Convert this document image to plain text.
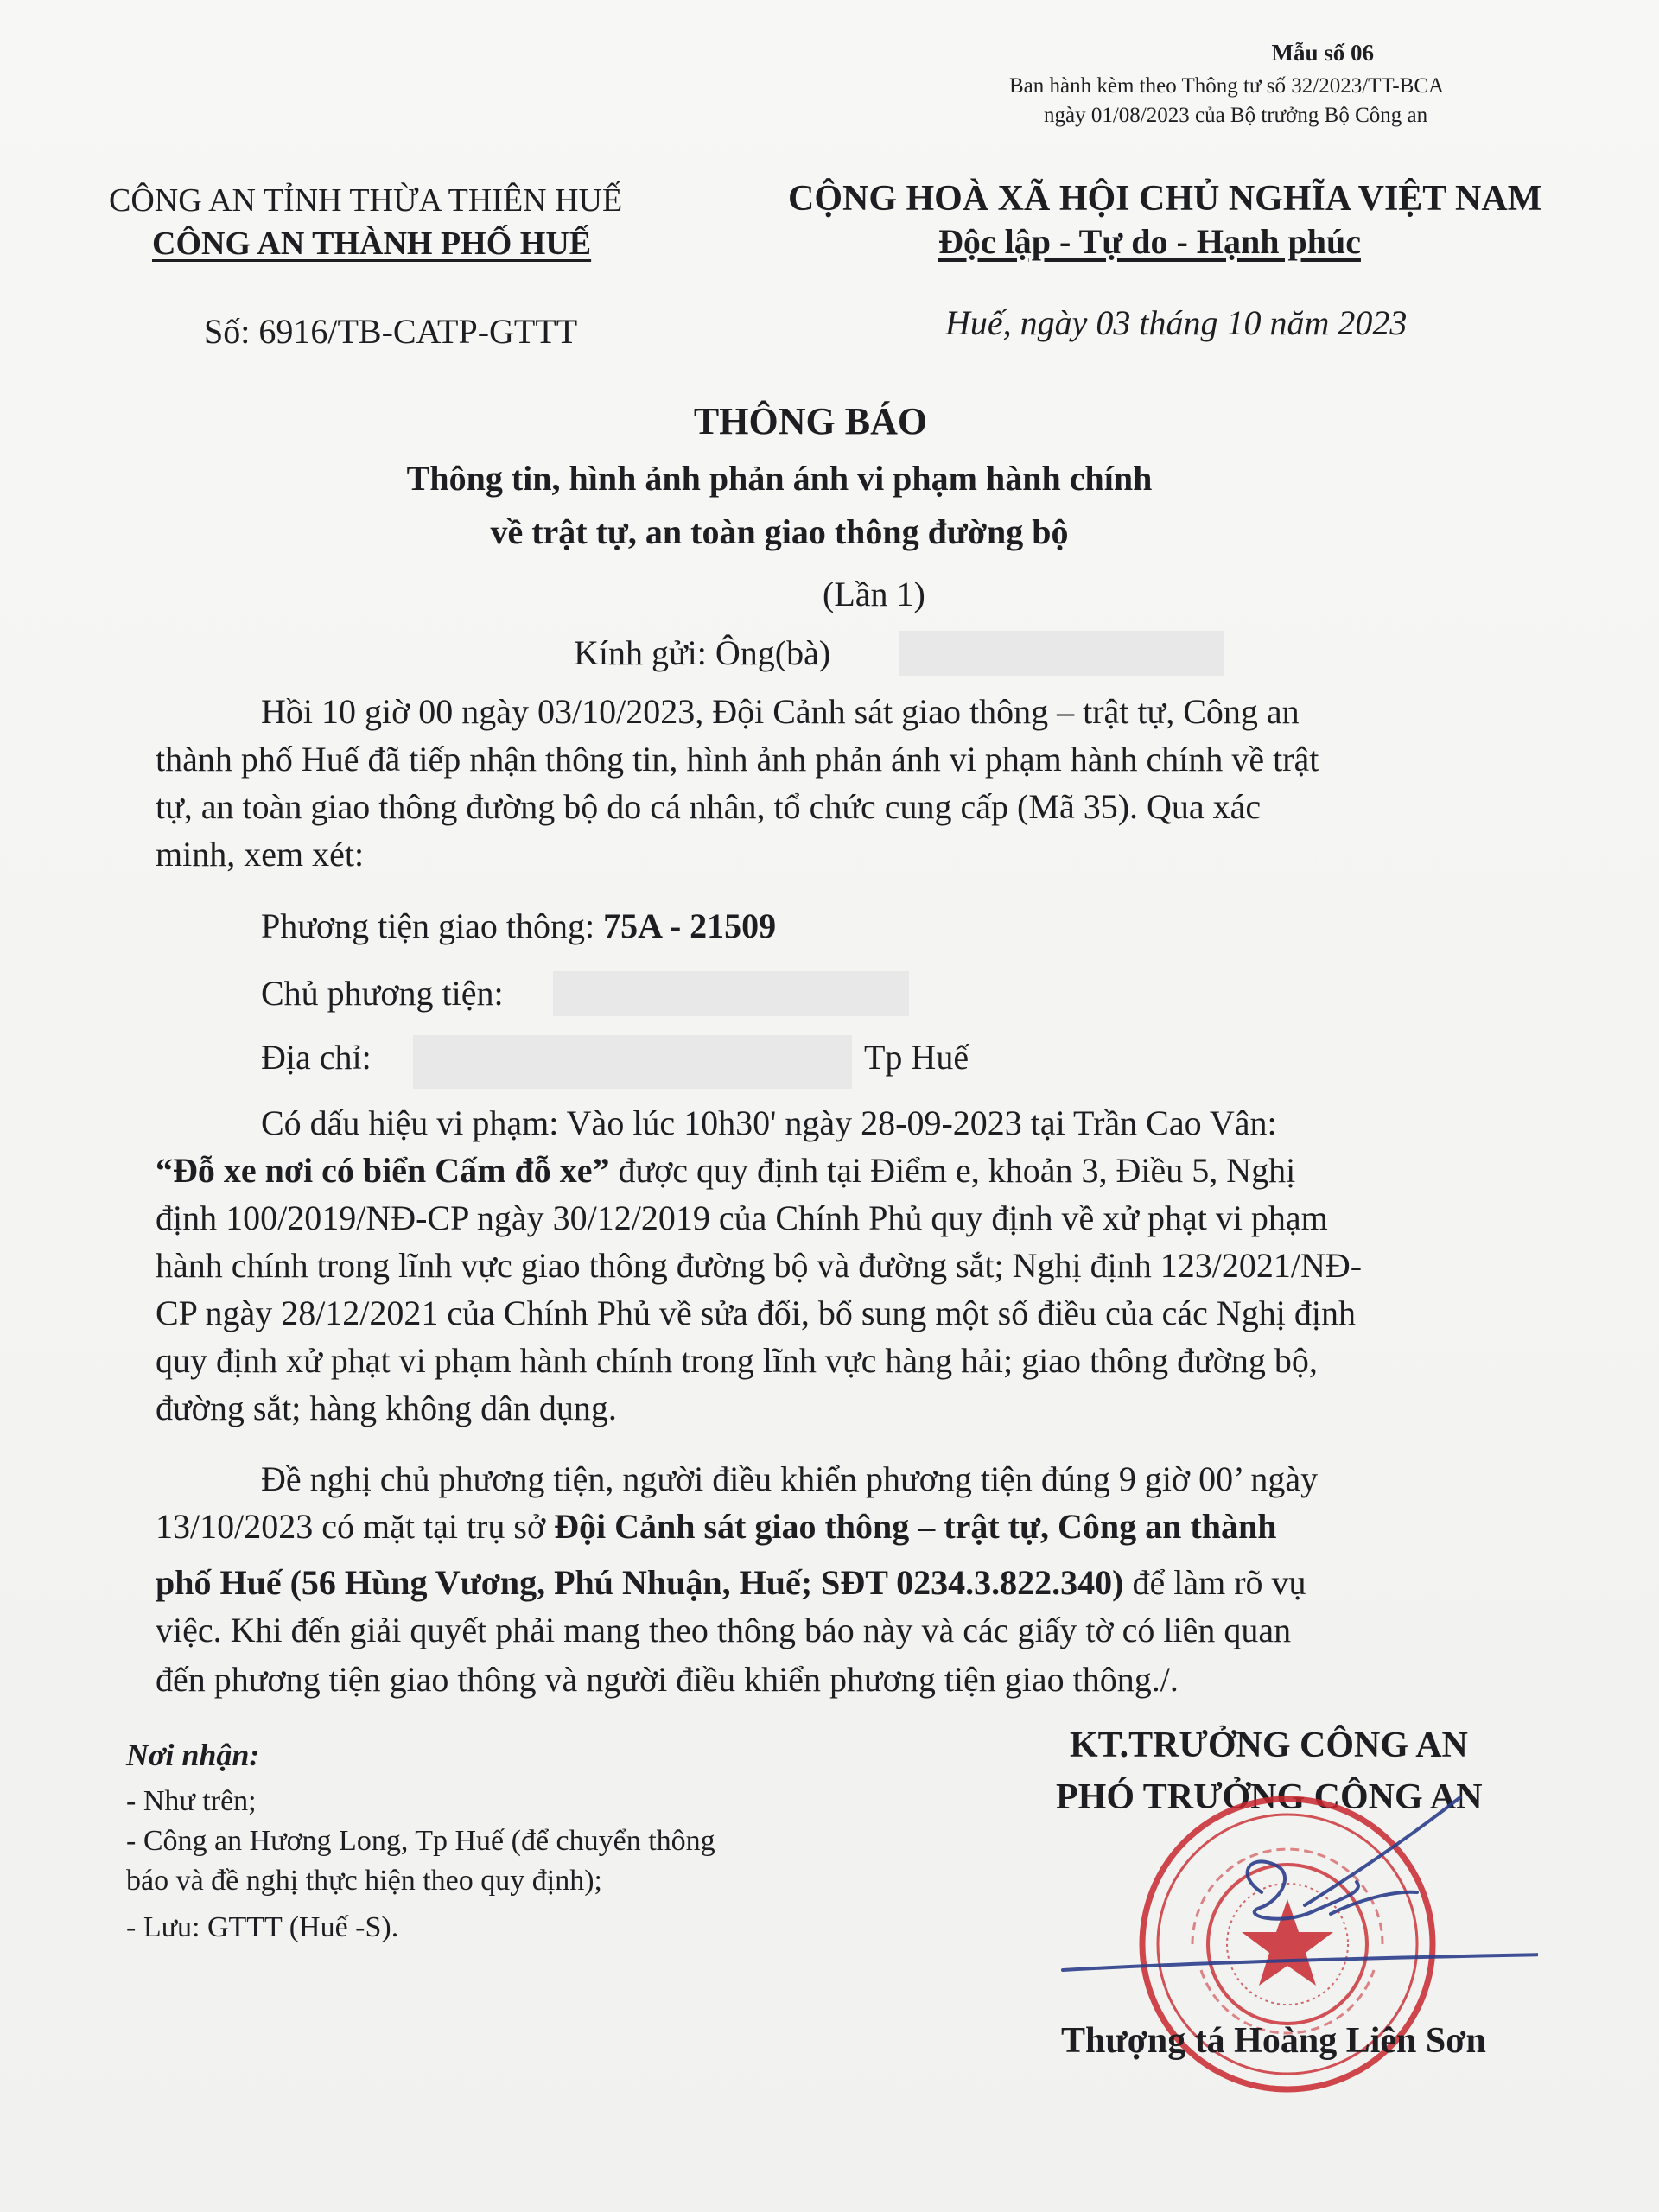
Mẫu số 06
Ban hành kèm theo Thông tư số 32/2023/TT-BCA
ngày 01/08/2023 của Bộ trưởng Bộ Công an
CÔNG AN TỈNH THỪA THIÊN HUẾ
CÔNG AN THÀNH PHỐ HUẾ
Số: 6916/TB-CATP-GTTT
CỘNG HOÀ XÃ HỘI CHỦ NGHĨA VIỆT NAM
Độc lập - Tự do - Hạnh phúc
Huế, ngày 03 tháng 10 năm 2023
THÔNG BÁO
Thông tin, hình ảnh phản ánh vi phạm hành chính
về trật tự, an toàn giao thông đường bộ
(Lần 1)
Kính gửi: Ông(bà)
Hồi 10 giờ 00 ngày 03/10/2023, Đội Cảnh sát giao thông – trật tự, Công an
thành phố Huế đã tiếp nhận thông tin, hình ảnh phản ánh vi phạm hành chính về trật
tự, an toàn giao thông đường bộ do cá nhân, tổ chức cung cấp (Mã 35). Qua xác
minh, xem xét:
Phương tiện giao thông: 75A - 21509
Chủ phương tiện:
Địa chỉ:	Tp Huế
Có dấu hiệu vi phạm: Vào lúc 10h30' ngày 28-09-2023 tại Trần Cao Vân:
“Đỗ xe nơi có biển Cấm đỗ xe” được quy định tại Điểm e, khoản 3, Điều 5, Nghị
định 100/2019/NĐ-CP ngày 30/12/2019 của Chính Phủ quy định về xử phạt vi phạm
hành chính trong lĩnh vực giao thông đường bộ và đường sắt; Nghị định 123/2021/NĐ-
CP ngày 28/12/2021 của Chính Phủ về sửa đổi, bổ sung một số điều của các Nghị định
quy định xử phạt vi phạm hành chính trong lĩnh vực hàng hải; giao thông đường bộ,
đường sắt; hàng không dân dụng.
Đề nghị chủ phương tiện, người điều khiển phương tiện đúng 9 giờ 00’ ngày
13/10/2023 có mặt tại trụ sở Đội Cảnh sát giao thông – trật tự, Công an thành
phố Huế (56 Hùng Vương, Phú Nhuận, Huế; SĐT 0234.3.822.340) để làm rõ vụ
việc. Khi đến giải quyết phải mang theo thông báo này và các giấy tờ có liên quan
đến phương tiện giao thông và người điều khiển phương tiện giao thông./.
Nơi nhận:
- Như trên;
- Công an Hương Long, Tp Huế (để chuyển thông
báo và đề nghị thực hiện theo quy định);
- Lưu: GTTT (Huế -S).
KT.TRƯỞNG CÔNG AN
PHÓ TRƯỞNG CÔNG AN
Thượng tá Hoàng Liên Sơn
